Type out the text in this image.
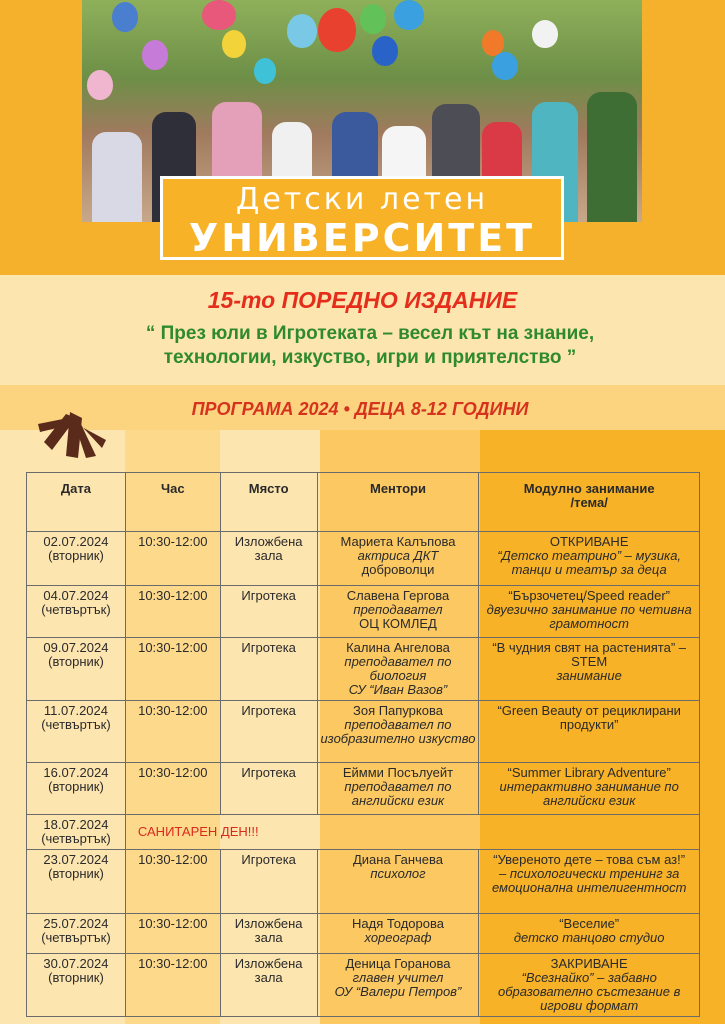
Детски летен
УНИВЕРСИТЕТ
15-то ПОРЕДНО ИЗДАНИЕ
“ През юли в Игротеката – весел кът на знание,
технологии, изкуство, игри и приятелство ”
ПРОГРАМА 2024 • ДЕЦА 8-12 ГОДИНИ
Дата	Час	Място	Ментори	Модулно занимание
/тема/

02.07.2024
(вторник)	10:30-12:00	Изложбена зала	Мариета Калъпова
актриса ДКТ
доброволци	ОТКРИВАНЕ
“Детско театрино” – музика, танци и театър за деца

04.07.2024
(четвъртък)	10:30-12:00	Игротека	Славена Гергова
преподавател
ОЦ КОМЛЕД	“Бързочетец/Speed reader”
двуезично занимание по четивна грамотност

09.07.2024
(вторник)	10:30-12:00	Игротека	Калина Ангелова
преподавател по биология
СУ “Иван Вазов”	“В чудния свят на растенията” – STEM
занимание

11.07.2024
(четвъртък)	10:30-12:00	Игротека	Зоя Папуркова
преподавател по изобразително изкуство	“Green Beauty от рециклирани продукти”

16.07.2024
(вторник)	10:30-12:00	Игротека	Еймми Посълуейт
преподавател по английски език	“Summer Library Adventure”
интерактивно занимание по английски език

18.07.2024
(четвъртък)	САНИТАРЕН ДЕН!!!			

23.07.2024
(вторник)	10:30-12:00	Игротека	Диана Ганчева
психолог	“Увереното дете – това съм аз!”
– психологически тренинг за емоционална интелигентност

25.07.2024
(четвъртък)	10:30-12:00	Изложбена зала	Надя Тодорова
хореограф	“Веселие”
детско танцово студио

30.07.2024
(вторник)	10:30-12:00	Изложбена зала	Деница Горанова
главен учител
ОУ “Валери Петров”	ЗАКРИВАНЕ
“Всезнайко” – забавно образователно състезание в игрови формат
